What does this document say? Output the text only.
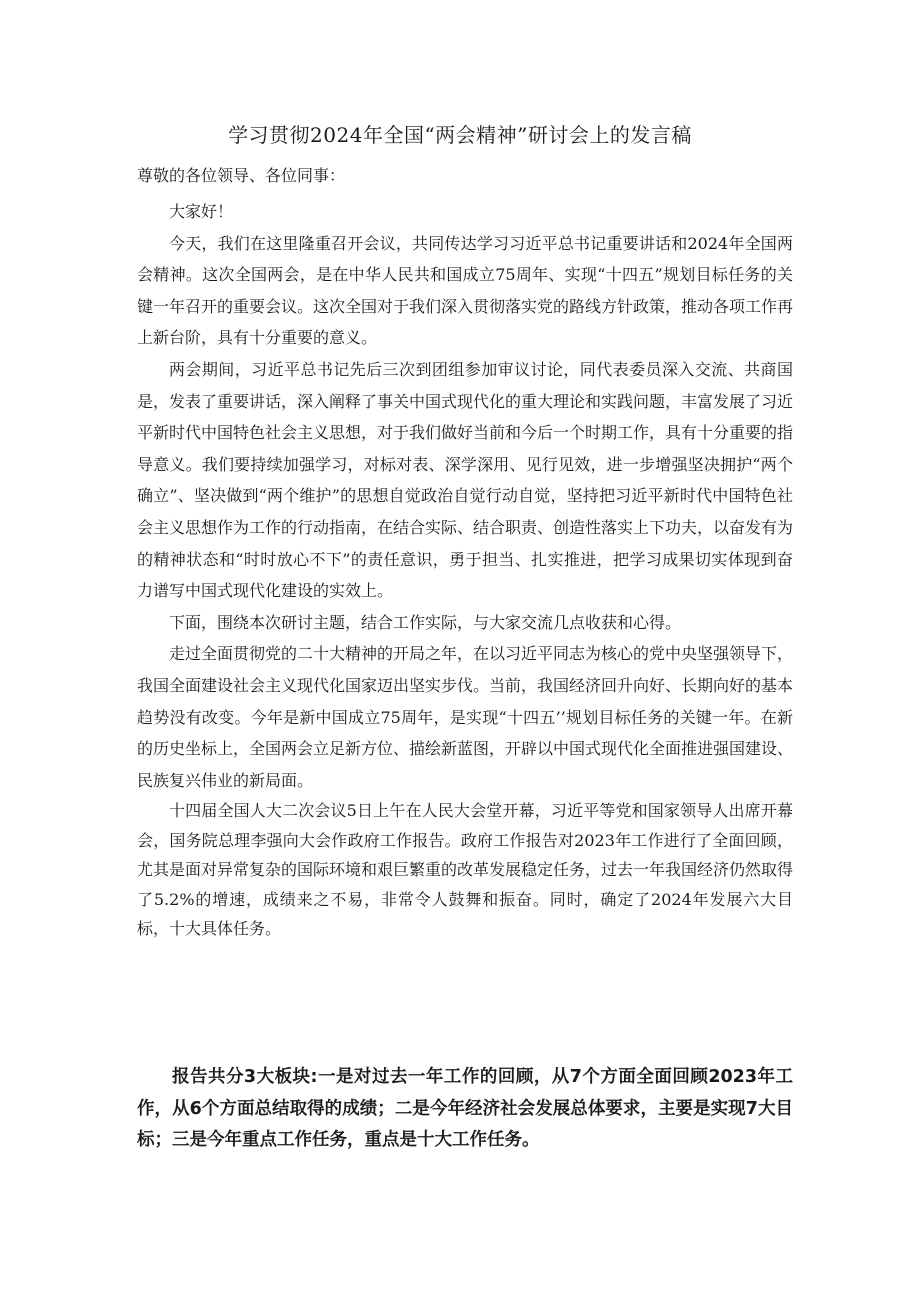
学习贯彻2024年全国“两会精神”研讨会上的发言稿
尊敬的各位领导、各位同事：

大家好！

今天，我们在这里隆重召开会议，共同传达学习习近平总书记重要讲话和2024年全国两会精神。这次全国两会，是在中华人民共和国成立75周年、实现“十四五”规划目标任务的关键一年召开的重要会议。这次全国对于我们深入贯彻落实党的路线方针政策，推动各项工作再上新台阶，具有十分重要的意义。

两会期间，习近平总书记先后三次到团组参加审议讨论，同代表委员深入交流、共商国是，发表了重要讲话，深入阐释了事关中国式现代化的重大理论和实践问题，丰富发展了习近平新时代中国特色社会主义思想，对于我们做好当前和今后一个时期工作，具有十分重要的指导意义。我们要持续加强学习，对标对表、深学深用、见行见效，进一步增强坚决拥护“两个确立”、坚决做到“两个维护”的思想自觉政治自觉行动自觉，坚持把习近平新时代中国特色社会主义思想作为工作的行动指南，在结合实际、结合职责、创造性落实上下功夫，以奋发有为的精神状态和“时时放心不下”的责任意识，勇于担当、扎实推进，把学习成果切实体现到奋力谱写中国式现代化建设的实效上。

下面，围绕本次研讨主题，结合工作实际，与大家交流几点收获和心得。

走过全面贯彻党的二十大精神的开局之年，在以习近平同志为核心的党中央坚强领导下，我国全面建设社会主义现代化国家迈出坚实步伐。当前，我国经济回升向好、长期向好的基本趋势没有改变。今年是新中国成立75周年，是实现“十四五’’规划目标任务的关键一年。在新的历史坐标上，全国两会立足新方位、描绘新蓝图，开辟以中国式现代化全面推进强国建设、民族复兴伟业的新局面。

十四届全国人大二次会议5日上午在人民大会堂开幕，习近平等党和国家领导人出席开幕会，国务院总理李强向大会作政府工作报告。政府工作报告对2023年工作进行了全面回顾，尤其是面对异常复杂的国际环境和艰巨繁重的改革发展稳定任务，过去一年我国经济仍然取得了5.2%的增速，成绩来之不易，非常令人鼓舞和振奋。同时，确定了2024年发展六大目标，十大具体任务。

报告共分3大板块:一是对过去一年工作的回顾，从7个方面全面回顾2023年工作，从6个方面总结取得的成绩；二是今年经济社会发展总体要求，主要是实现7大目标；三是今年重点工作任务，重点是十大工作任务。
